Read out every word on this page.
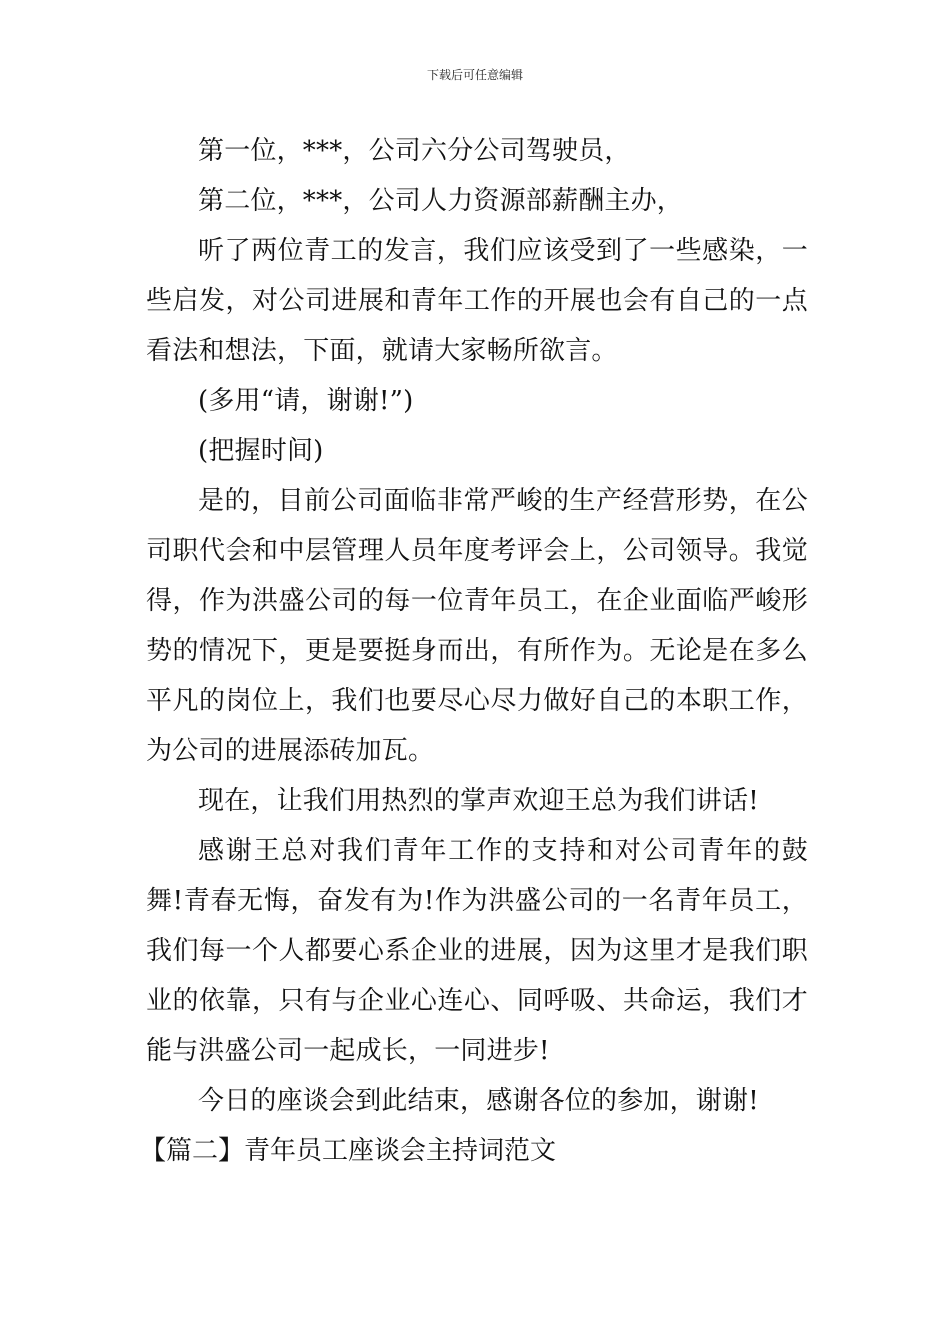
下载后可任意编辑

第一位，***，公司六分公司驾驶员，

第二位，***，公司人力资源部薪酬主办，

听了两位青工的发言，我们应该受到了一些感染，一些启发，对公司进展和青年工作的开展也会有自己的一点看法和想法，下面，就请大家畅所欲言。

(多用“请，谢谢!”)

(把握时间)

是的，目前公司面临非常严峻的生产经营形势，在公司职代会和中层管理人员年度考评会上，公司领导。我觉得，作为洪盛公司的每一位青年员工，在企业面临严峻形势的情况下，更是要挺身而出，有所作为。无论是在多么平凡的岗位上，我们也要尽心尽力做好自己的本职工作，为公司的进展添砖加瓦。

现在，让我们用热烈的掌声欢迎王总为我们讲话!

感谢王总对我们青年工作的支持和对公司青年的鼓舞!青春无悔，奋发有为!作为洪盛公司的一名青年员工，我们每一个人都要心系企业的进展，因为这里才是我们职业的依靠，只有与企业心连心、同呼吸、共命运，我们才能与洪盛公司一起成长，一同进步!

今日的座谈会到此结束，感谢各位的参加，谢谢!

【篇二】青年员工座谈会主持词范文
